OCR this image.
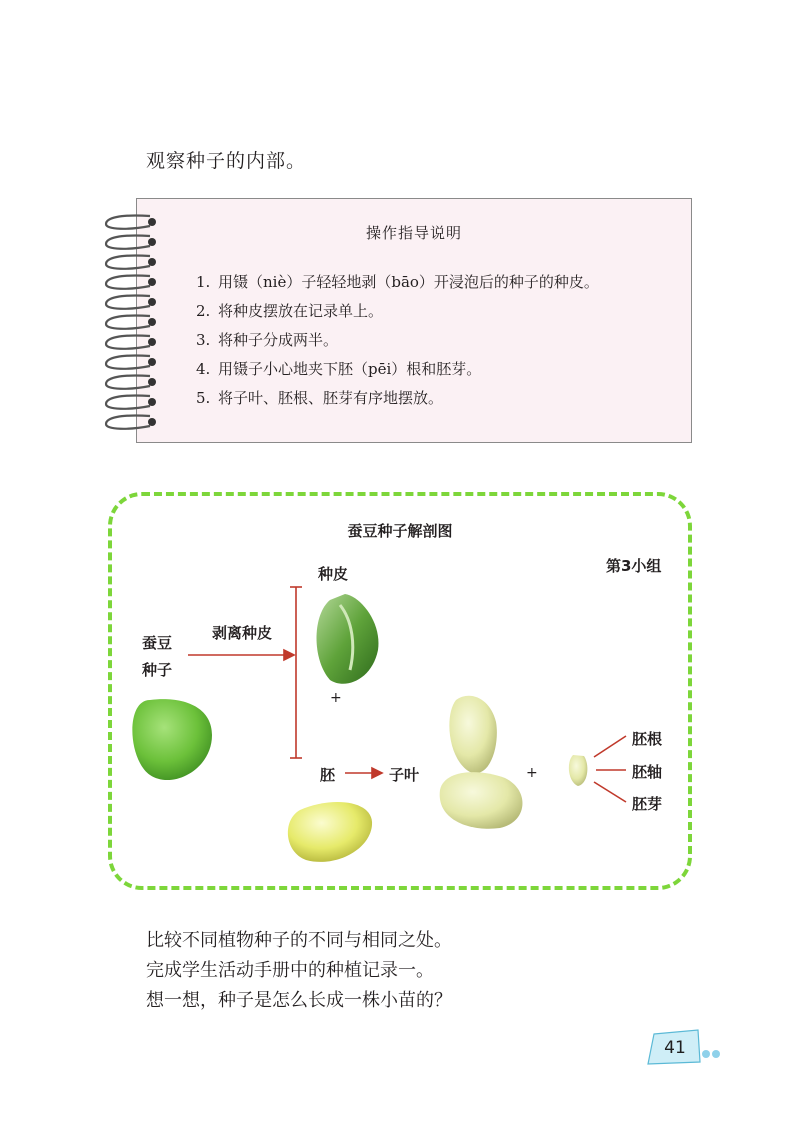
观察种子的内部。
操作指导说明
1. 用镊（niè）子轻轻地剥（bāo）开浸泡后的种子的种皮。
2. 将种皮摆放在记录单上。
3. 将种子分成两半。
4. 用镊子小心地夹下胚（pēi）根和胚芽。
5. 将子叶、胚根、胚芽有序地摆放。
蚕豆种子解剖图
第3小组
种皮
蚕豆
种子
剥离种皮
+
胚	子叶	+
胚根
胚轴
胚芽
比较不同植物种子的不同与相同之处。
完成学生活动手册中的种植记录一。
想一想，种子是怎么长成一株小苗的？
41
